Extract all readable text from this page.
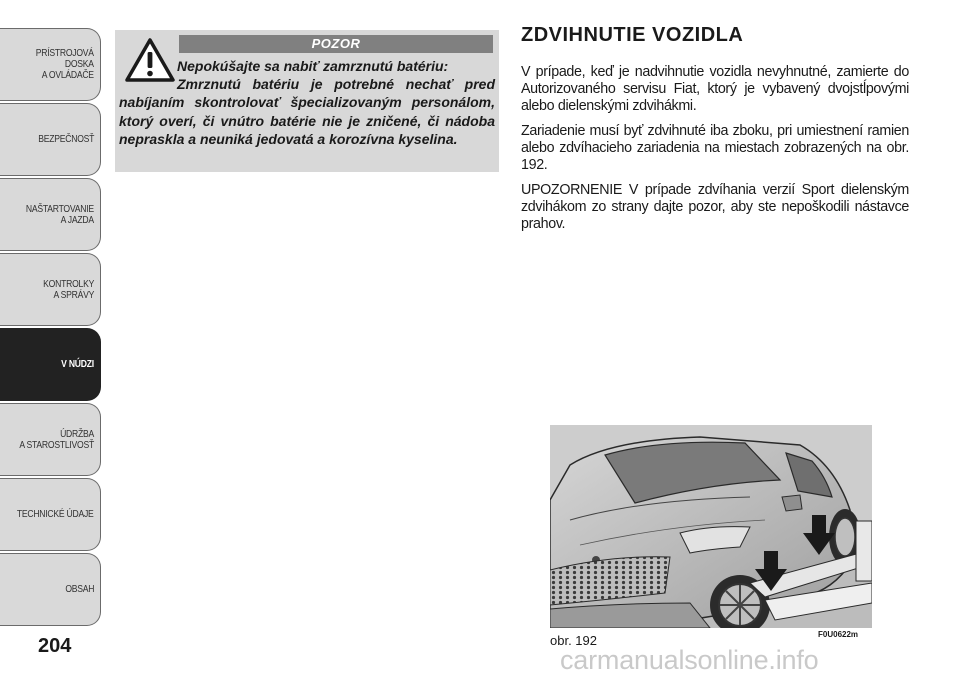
PRÍSTROJOVÁ
DOSKA
A OVLÁDAČE
BEZPEČNOSŤ
NAŠTARTOVANIE
A JAZDA
KONTROLKY
A SPRÁVY
V NÚDZI
ÚDRŽBA
A STAROSTLIVOSŤ
TECHNICKÉ ÚDAJE
OBSAH
204
POZOR
Nepokúšajte sa nabiť zamrznutú batériu:
Zmrznutú batériu je potrebné nechať pred nabíjaním skontrolovať špecializovaným personálom, ktorý overí, či vnútro batérie nie je zničené, či nádoba nepraskla a neuniká jedovatá a korozívna kyselina.
ZDVIHNUTIE VOZIDLA

V prípade, keď je nadvihnutie vozidla nevyhnutné, zamierte do Autorizovaného servisu Fiat, ktorý je vybavený dvojstĺpovými alebo dielenskými zdvihákmi.

Zariadenie musí byť zdvihnuté iba zboku, pri umiestnení ramien alebo zdvíhacieho zariadenia na miestach zobrazených na obr. 192.

UPOZORNENIE V prípade zdvíhania verzií Sport dielenským zdvihákom zo strany dajte pozor, aby ste nepoškodili nástavce prahov.

obr. 192	F0U0622m
carmanualsonline.info
